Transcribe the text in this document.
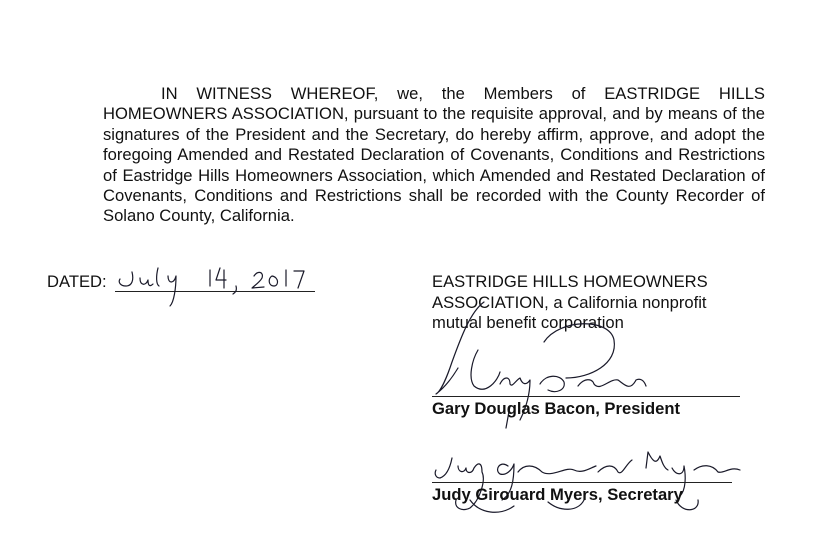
IN WITNESS WHEREOF, we, the Members of EASTRIDGE HILLS HOMEOWNERS ASSOCIATION, pursuant to the requisite approval, and by means of the signatures of the President and the Secretary, do hereby affirm, approve, and adopt the foregoing Amended and Restated Declaration of Covenants, Conditions and Restrictions of Eastridge Hills Homeowners Association, which Amended and Restated Declaration of Covenants, Conditions and Restrictions shall be recorded with the County Recorder of Solano County, California.

DATED:	EASTRIDGE HILLS HOMEOWNERS
ASSOCIATION, a California nonprofit
mutual benefit corporation
Gary Douglas Bacon, President
Judy Girouard Myers, Secretary
